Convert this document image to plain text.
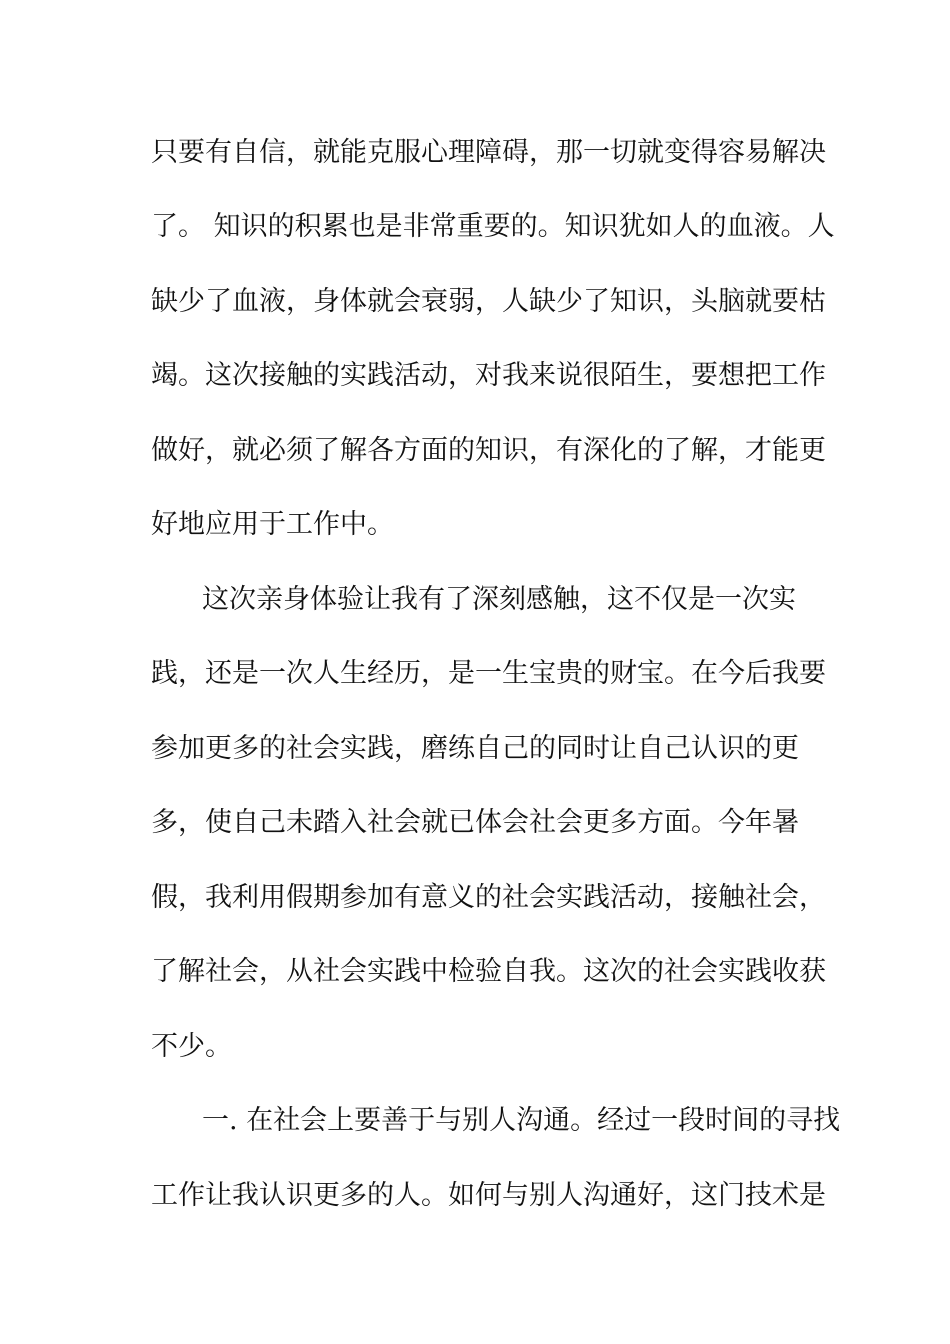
只要有自信，就能克服心理障碍，那一切就变得容易解决
了。 知识的积累也是非常重要的。知识犹如人的血液。人
缺少了血液，身体就会衰弱，人缺少了知识，头脑就要枯
竭。这次接触的实践活动，对我来说很陌生，要想把工作
做好，就必须了解各方面的知识，有深化的了解，才能更
好地应用于工作中。
这次亲身体验让我有了深刻感触，这不仅是一次实
践，还是一次人生经历，是一生宝贵的财宝。在今后我要
参加更多的社会实践，磨练自己的同时让自己认识的更
多，使自己未踏入社会就已体会社会更多方面。今年暑
假，我利用假期参加有意义的社会实践活动，接触社会，
了解社会，从社会实践中检验自我。这次的社会实践收获
不少。
一. 在社会上要善于与别人沟通。经过一段时间的寻找
工作让我认识更多的人。如何与别人沟通好，这门技术是
